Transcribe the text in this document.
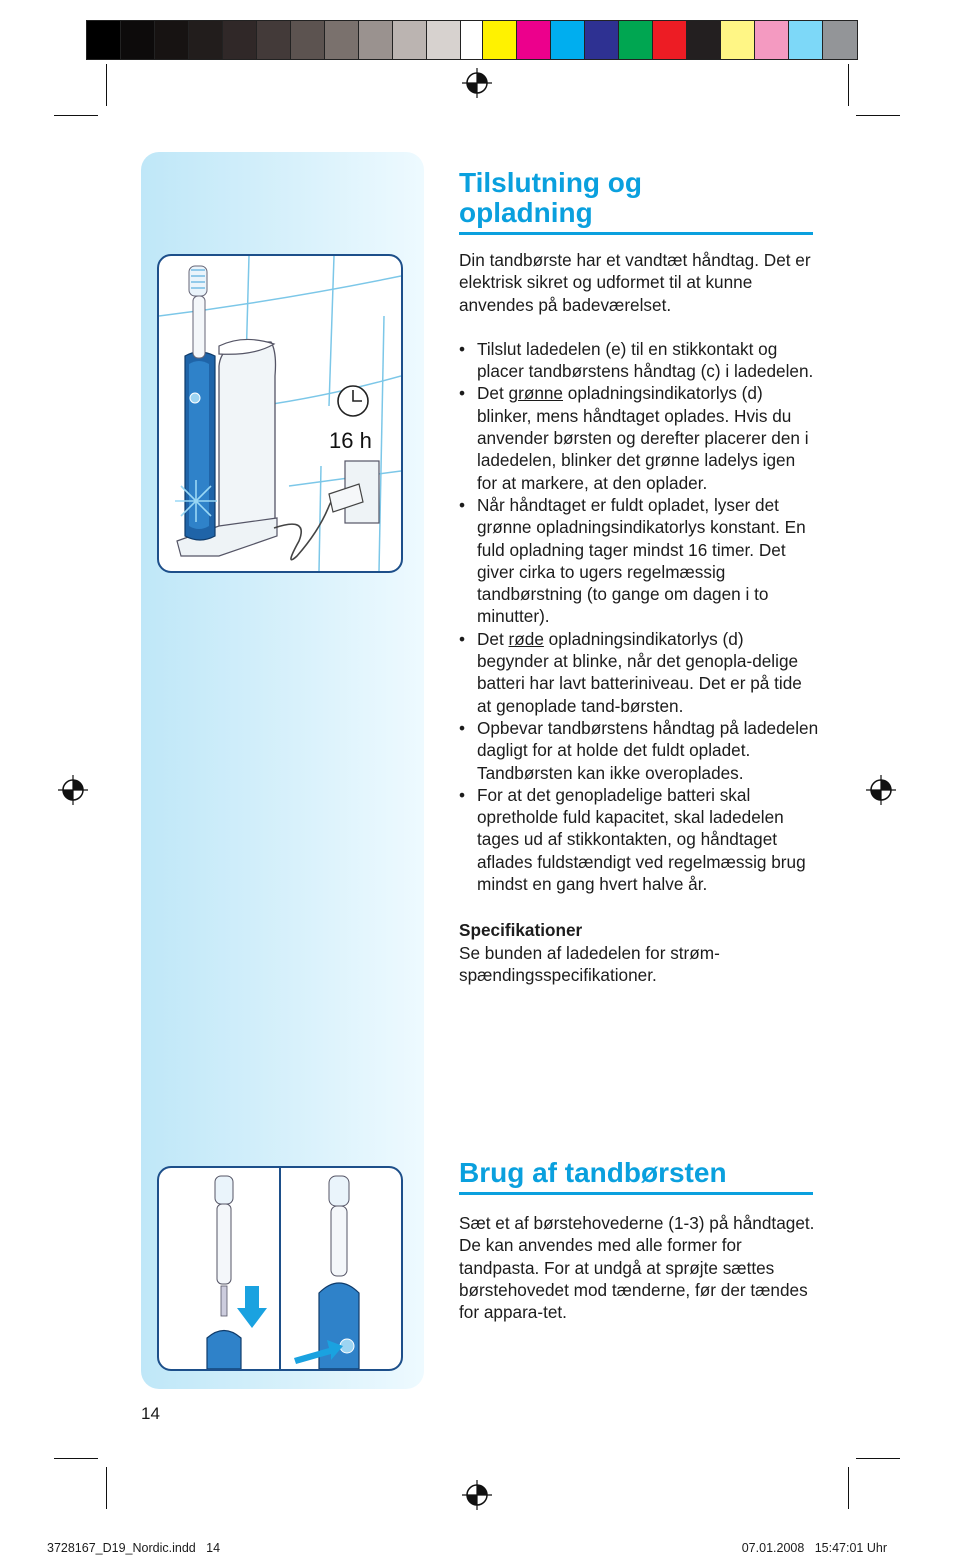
16 h
Tilslutning og
opladning

Din tandbørste har et vandtæt håndtag. Det er elektrisk sikret og udformet til at kunne anvendes på badeværelset.

• Tilslut ladedelen (e) til en stikkontakt og placer tandbørstens håndtag (c) i ladedelen.
• Det grønne opladningsindikatorlys (d) blinker, mens håndtaget oplades. Hvis du anvender børsten og derefter placerer den i ladedelen, blinker det grønne ladelys igen for at markere, at den oplader.
• Når håndtaget er fuldt opladet, lyser det grønne opladningsindikatorlys konstant. En fuld opladning tager mindst 16 timer. Det giver cirka to ugers regelmæssig tandbørstning (to gange om dagen i to minutter).
• Det røde opladningsindikatorlys (d) begynder at blinke, når det genopla-delige batteri har lavt batteriniveau. Det er på tide at genoplade tand-børsten.
• Opbevar tandbørstens håndtag på ladedelen dagligt for at holde det fuldt opladet. Tandbørsten kan ikke overoplades.
• For at det genopladelige batteri skal opretholde fuld kapacitet, skal ladedelen tages ud af stikkontakten, og håndtaget aflades fuldstændigt ved regelmæssig brug mindst en gang hvert halve år.

Specifikationer

Se bunden af ladedelen for strøm-spændingsspecifikationer.

Brug af tandbørsten

Sæt et af børstehovederne (1-3) på håndtaget. De kan anvendes med alle former for tandpasta. For at undgå at sprøjte sættes børstehovedet mod tænderne, før der tændes for appara-tet.

14
3728167_D19_Nordic.indd   14	07.01.2008   15:47:01 Uhr
